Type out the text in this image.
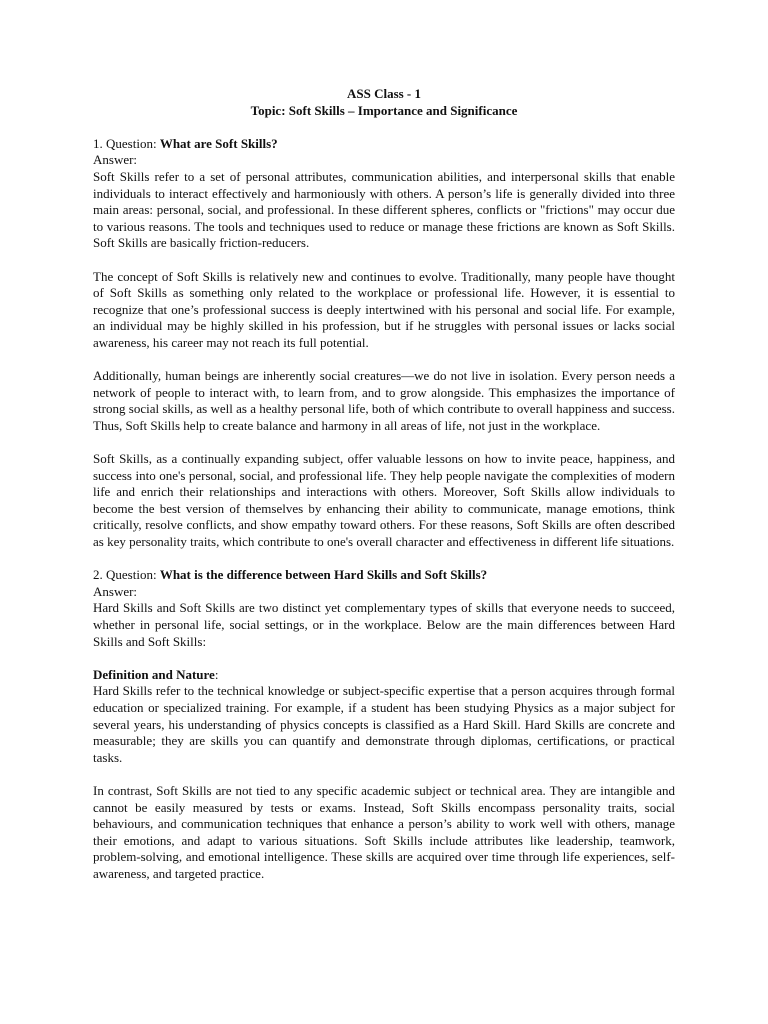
ASS Class - 1

Topic: Soft Skills – Importance and Significance

1. Question: What are Soft Skills?

Answer:

Soft Skills refer to a set of personal attributes, communication abilities, and interpersonal skills that enable individuals to interact effectively and harmoniously with others. A person’s life is generally divided into three main areas: personal, social, and professional. In these different spheres, conflicts or "frictions" may occur due to various reasons. The tools and techniques used to reduce or manage these frictions are known as Soft Skills. Soft Skills are basically friction-reducers.

The concept of Soft Skills is relatively new and continues to evolve. Traditionally, many people have thought of Soft Skills as something only related to the workplace or professional life. However, it is essential to recognize that one’s professional success is deeply intertwined with his personal and social life. For example, an individual may be highly skilled in his profession, but if he struggles with personal issues or lacks social awareness, his career may not reach its full potential.

Additionally, human beings are inherently social creatures—we do not live in isolation. Every person needs a network of people to interact with, to learn from, and to grow alongside. This emphasizes the importance of strong social skills, as well as a healthy personal life, both of which contribute to overall happiness and success. Thus, Soft Skills help to create balance and harmony in all areas of life, not just in the workplace.

Soft Skills, as a continually expanding subject, offer valuable lessons on how to invite peace, happiness, and success into one's personal, social, and professional life. They help people navigate the complexities of modern life and enrich their relationships and interactions with others. Moreover, Soft Skills allow individuals to become the best version of themselves by enhancing their ability to communicate, manage emotions, think critically, resolve conflicts, and show empathy toward others. For these reasons, Soft Skills are often described as key personality traits, which contribute to one's overall character and effectiveness in different life situations.

2. Question: What is the difference between Hard Skills and Soft Skills?

Answer:

Hard Skills and Soft Skills are two distinct yet complementary types of skills that everyone needs to succeed, whether in personal life, social settings, or in the workplace. Below are the main differences between Hard Skills and Soft Skills:

Definition and Nature:

Hard Skills refer to the technical knowledge or subject-specific expertise that a person acquires through formal education or specialized training. For example, if a student has been studying Physics as a major subject for several years, his understanding of physics concepts is classified as a Hard Skill. Hard Skills are concrete and measurable; they are skills you can quantify and demonstrate through diplomas, certifications, or practical tasks.

In contrast, Soft Skills are not tied to any specific academic subject or technical area. They are intangible and cannot be easily measured by tests or exams. Instead, Soft Skills encompass personality traits, social behaviours, and communication techniques that enhance a person’s ability to work well with others, manage their emotions, and adapt to various situations. Soft Skills include attributes like leadership, teamwork, problem-solving, and emotional intelligence. These skills are acquired over time through life experiences, self-awareness, and targeted practice.
